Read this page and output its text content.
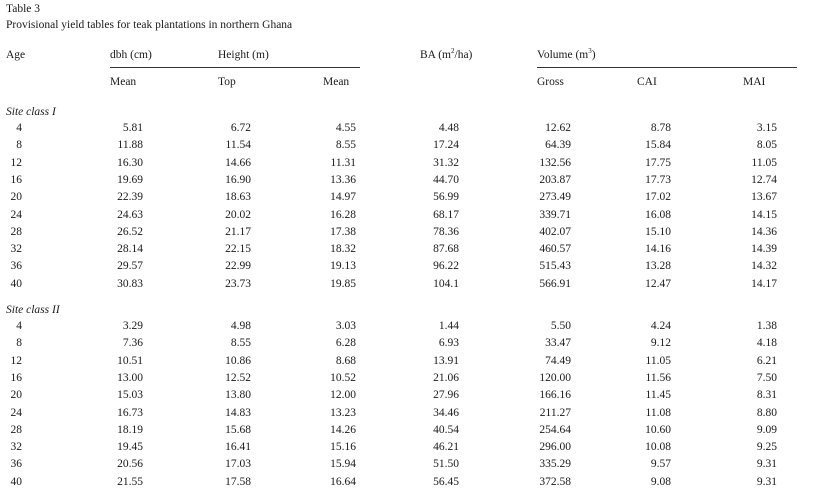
Table 3
Provisional yield tables for teak plantations in northern Ghana
Age	dbh (cm)	Height (m)	BA $(m^2/ha)$	Volume $(m^3)$
Mean	Top	Mean	Gross	CAI	MAI
Site class I
4	5.81	6.72	4.55	4.48	12.62	8.78	3.15
8	11.88	11.54	8.55	17.24	64.39	15.84	8.05
12	16.30	14.66	11.31	31.32	132.56	17.75	11.05
16	19.69	16.90	13.36	44.70	203.87	17.73	12.74
20	22.39	18.63	14.97	56.99	273.49	17.02	13.67
24	24.63	20.02	16.28	68.17	339.71	16.08	14.15
28	26.52	21.17	17.38	78.36	402.07	15.10	14.36
32	28.14	22.15	18.32	87.68	460.57	14.16	14.39
36	29.57	22.99	19.13	96.22	515.43	13.28	14.32
40	30.83	23.73	19.85	104.1	566.91	12.47	14.17
Site class II
4	3.29	4.98	3.03	1.44	5.50	4.24	1.38
8	7.36	8.55	6.28	6.93	33.47	9.12	4.18
12	10.51	10.86	8.68	13.91	74.49	11.05	6.21
16	13.00	12.52	10.52	21.06	120.00	11.56	7.50
20	15.03	13.80	12.00	27.96	166.16	11.45	8.31
24	16.73	14.83	13.23	34.46	211.27	11.08	8.80
28	18.19	15.68	14.26	40.54	254.64	10.60	9.09
32	19.45	16.41	15.16	46.21	296.00	10.08	9.25
36	20.56	17.03	15.94	51.50	335.29	9.57	9.31
40	21.55	17.58	16.64	56.45	372.58	9.08	9.31
